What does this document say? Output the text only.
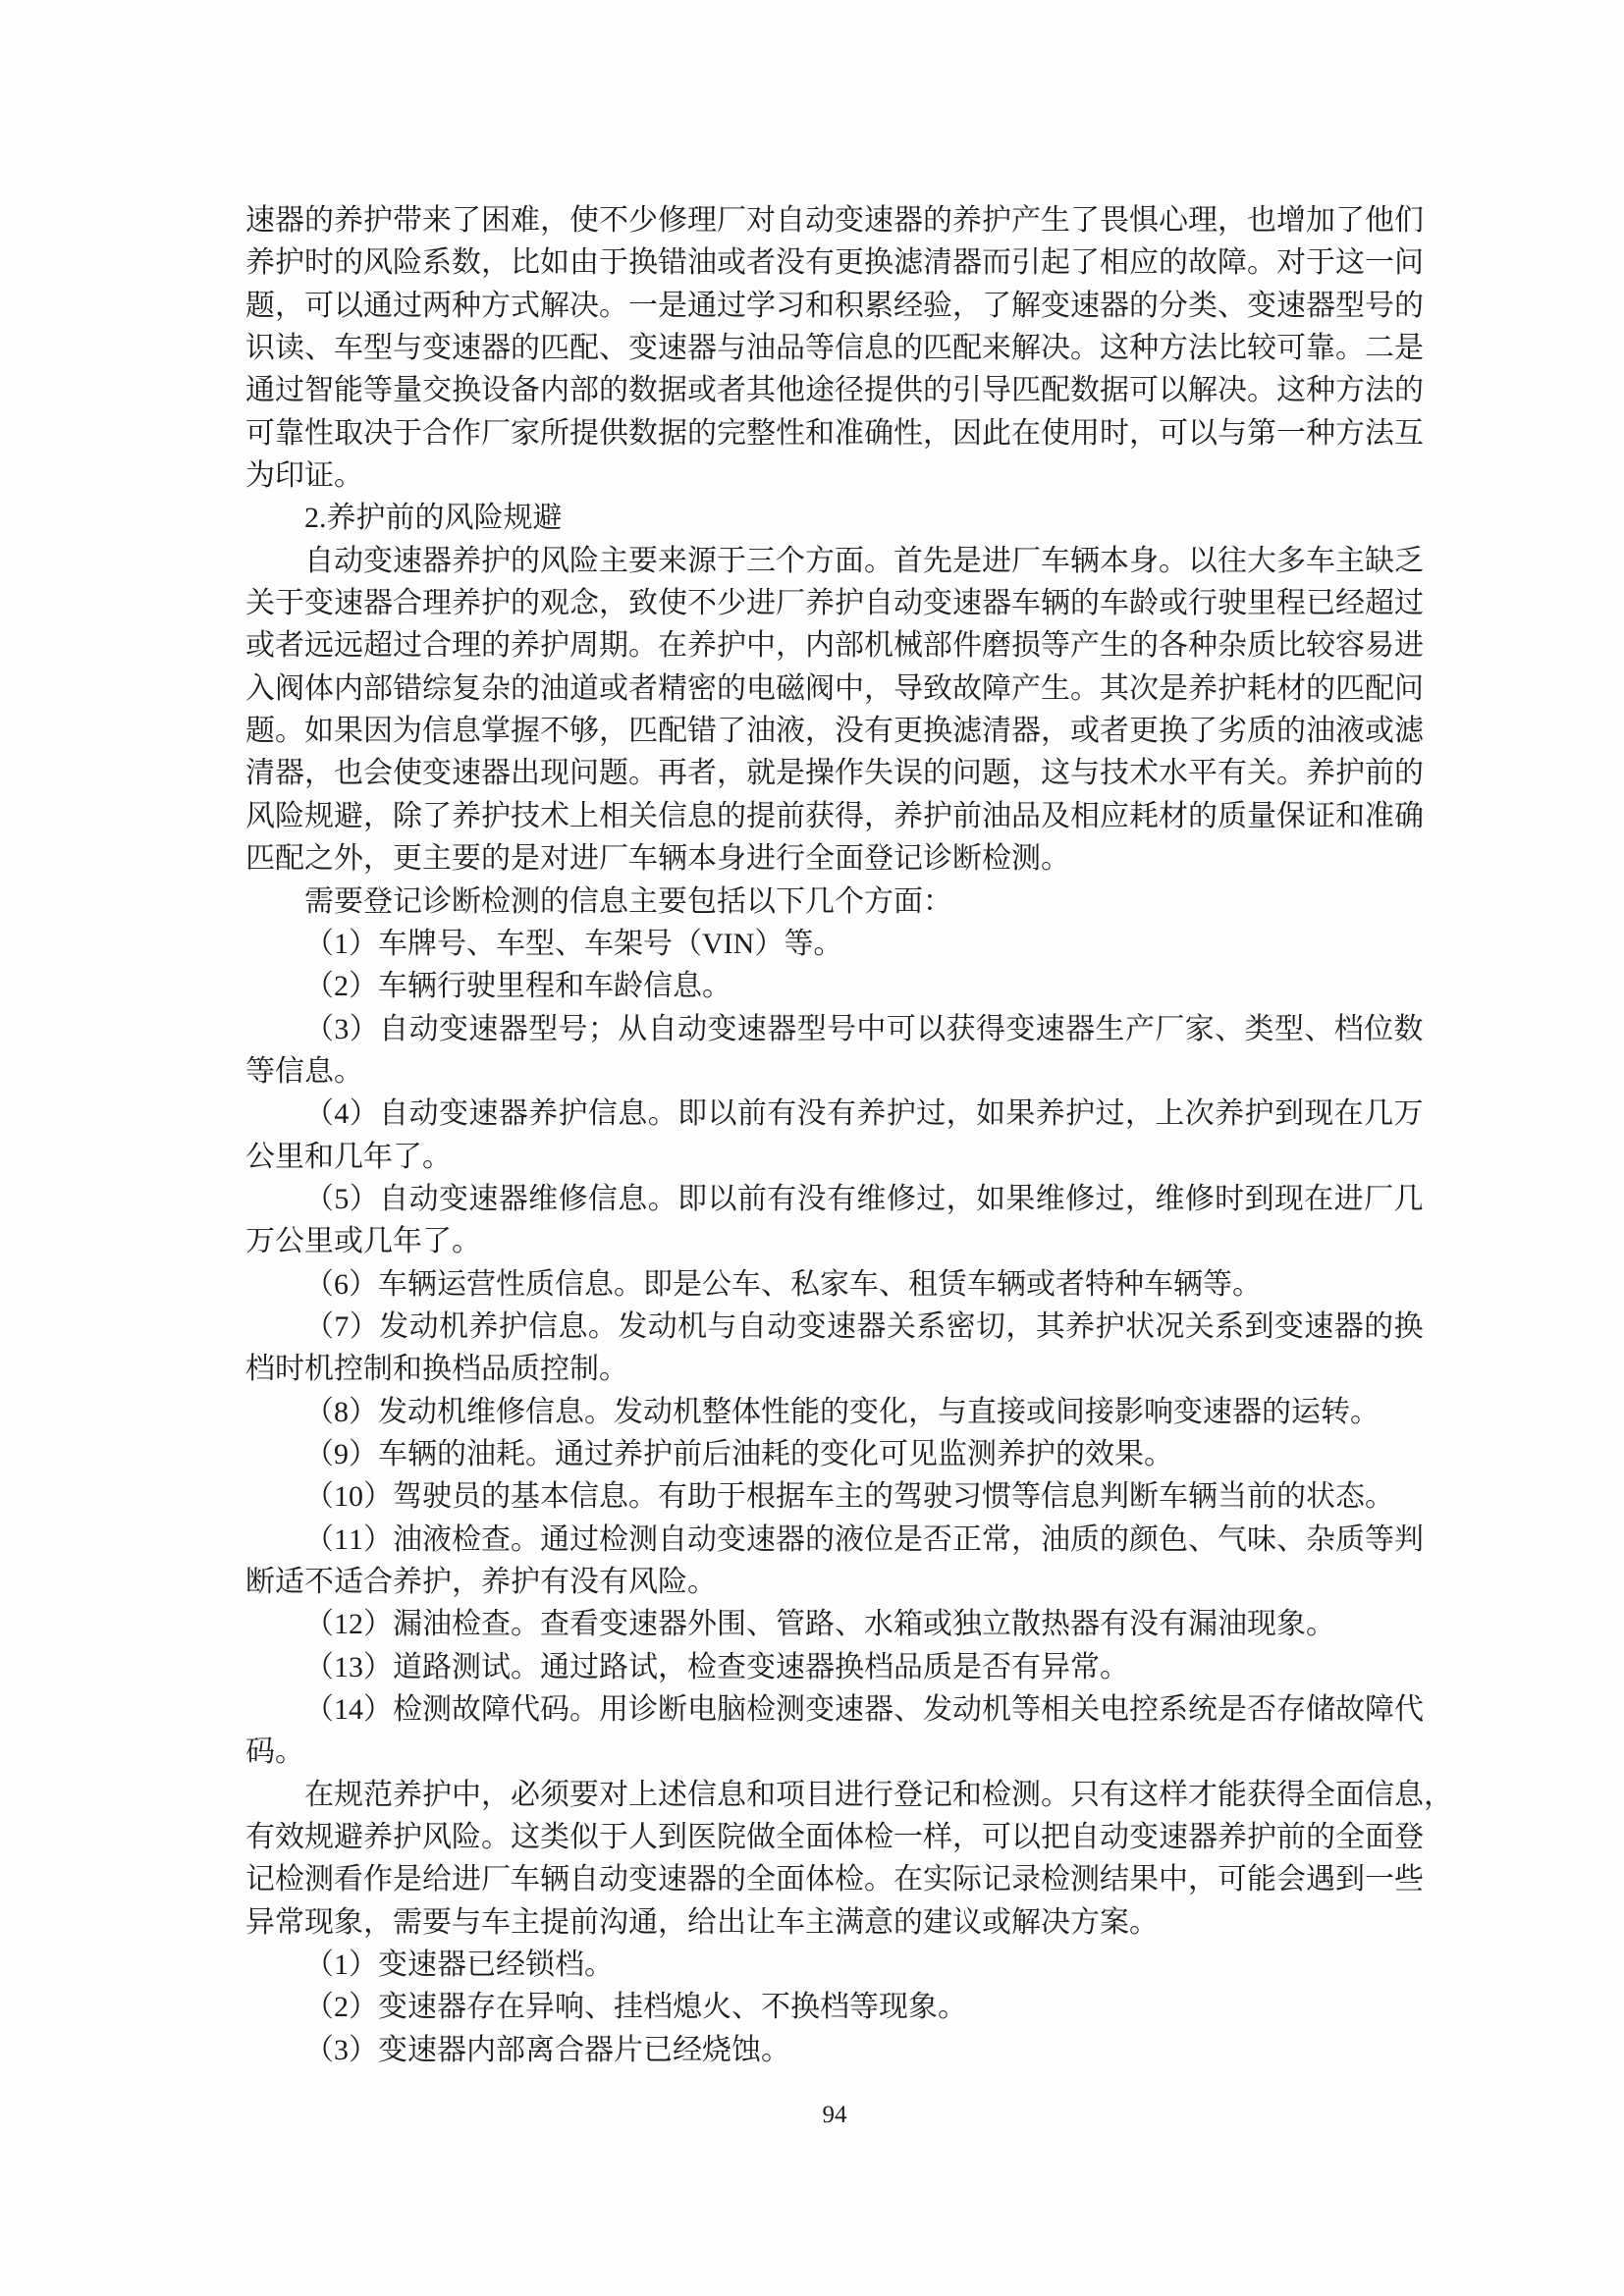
速 器 的 养 护 带 来 了 困 难 ， 使 不 少 修 理 厂 对 自 动 变 速 器 的 养 护 产 生 了 畏 惧 心 理 ， 也 增 加 了 他 们
养 护 时 的 风 险 系 数 ， 比 如 由 于 换 错 油 或 者 没 有 更 换 滤 清 器 而 引 起 了 相 应 的 故 障 。 对 于 这 一 问
题 ， 可 以 通 过 两 种 方 式 解 决 。 一 是 通 过 学 习 和 积 累 经 验 ， 了 解 变 速 器 的 分 类 、 变 速 器 型 号 的
识 读 、 车 型 与 变 速 器 的 匹 配 、 变 速 器 与 油 品 等 信 息 的 匹 配 来 解 决 。 这 种 方 法 比 较 可 靠 。 二 是
通 过 智 能 等 量 交 换 设 备 内 部 的 数 据 或 者 其 他 途 径 提 供 的 引 导 匹 配 数 据 可 以 解 决 。 这 种 方 法 的
可 靠 性 取 决 于 合 作 厂 家 所 提 供 数 据 的 完 整 性 和 准 确 性 ， 因 此 在 使 用 时 ， 可 以 与 第 一 种 方 法 互
为印证。
2.养护前的风险规避
自 动 变 速 器 养 护 的 风 险 主 要 来 源 于 三 个 方 面 。 首 先 是 进 厂 车 辆 本 身 。 以 往 大 多 车 主 缺 乏
关 于 变 速 器 合 理 养 护 的 观 念 ， 致 使 不 少 进 厂 养 护 自 动 变 速 器 车 辆 的 车 龄 或 行 驶 里 程 已 经 超 过
或 者 远 远 超 过 合 理 的 养 护 周 期 。 在 养 护 中 ， 内 部 机 械 部 件 磨 损 等 产 生 的 各 种 杂 质 比 较 容 易 进
入 阀 体 内 部 错 综 复 杂 的 油 道 或 者 精 密 的 电 磁 阀 中 ， 导 致 故 障 产 生 。 其 次 是 养 护 耗 材 的 匹 配 问
题 。 如 果 因 为 信 息 掌 握 不 够 ， 匹 配 错 了 油 液 ， 没 有 更 换 滤 清 器 ， 或 者 更 换 了 劣 质 的 油 液 或 滤
清 器 ， 也 会 使 变 速 器 出 现 问 题 。 再 者 ， 就 是 操 作 失 误 的 问 题 ， 这 与 技 术 水 平 有 关 。 养 护 前 的
风 险 规 避 ， 除 了 养 护 技 术 上 相 关 信 息 的 提 前 获 得 ， 养 护 前 油 品 及 相 应 耗 材 的 质 量 保 证 和 准 确
匹配之外，更主要的是对进厂车辆本身进行全面登记诊断检测。
需要登记诊断检测的信息主要包括以下几个方面：
（1）车牌号、车型、车架号（VIN）等。
（2）车辆行驶里程和车龄信息。
（ 3 ） 自 动 变 速 器 型 号 ； 从 自 动 变 速 器 型 号 中 可 以 获 得 变 速 器 生 产 厂 家 、 类 型 、 档 位 数
等信息。
（ 4 ） 自 动 变 速 器 养 护 信 息 。 即 以 前 有 没 有 养 护 过 ， 如 果 养 护 过 ， 上 次 养 护 到 现 在 几 万
公里和几年了。
（ 5 ） 自 动 变 速 器 维 修 信 息 。 即 以 前 有 没 有 维 修 过 ， 如 果 维 修 过 ， 维 修 时 到 现 在 进 厂 几
万公里或几年了。
（6）车辆运营性质信息。即是公车、私家车、租赁车辆或者特种车辆等。
（ 7 ） 发 动 机 养 护 信 息 。 发 动 机 与 自 动 变 速 器 关 系 密 切 ， 其 养 护 状 况 关 系 到 变 速 器 的 换
档时机控制和换档品质控制。
（8）发动机维修信息。发动机整体性能的变化，与直接或间接影响变速器的运转。
（9）车辆的油耗。通过养护前后油耗的变化可见监测养护的效果。
（10）驾驶员的基本信息。有助于根据车主的驾驶习惯等信息判断车辆当前的状态。
（ 1 1 ） 油 液 检 查 。 通 过 检 测 自 动 变 速 器 的 液 位 是 否 正 常 ， 油 质 的 颜 色 、 气 味 、 杂 质 等 判
断适不适合养护，养护有没有风险。
（12）漏油检查。查看变速器外围、管路、水箱或独立散热器有没有漏油现象。
（13）道路测试。通过路试，检查变速器换档品质是否有异常。
（ 1 4 ） 检 测 故 障 代 码 。 用 诊 断 电 脑 检 测 变 速 器 、 发 动 机 等 相 关 电 控 系 统 是 否 存 储 故 障 代
码。
在 规 范 养 护 中 ， 必 须 要 对 上 述 信 息 和 项 目 进 行 登 记 和 检 测 。 只 有 这 样 才 能 获 得 全 面 信 息 ，
有 效 规 避 养 护 风 险 。 这 类 似 于 人 到 医 院 做 全 面 体 检 一 样 ， 可 以 把 自 动 变 速 器 养 护 前 的 全 面 登
记 检 测 看 作 是 给 进 厂 车 辆 自 动 变 速 器 的 全 面 体 检 。 在 实 际 记 录 检 测 结 果 中 ， 可 能 会 遇 到 一 些
异常现象，需要与车主提前沟通，给出让车主满意的建议或解决方案。
（1）变速器已经锁档。
（2）变速器存在异响、挂档熄火、不换档等现象。
（3）变速器内部离合器片已经烧蚀。
94
